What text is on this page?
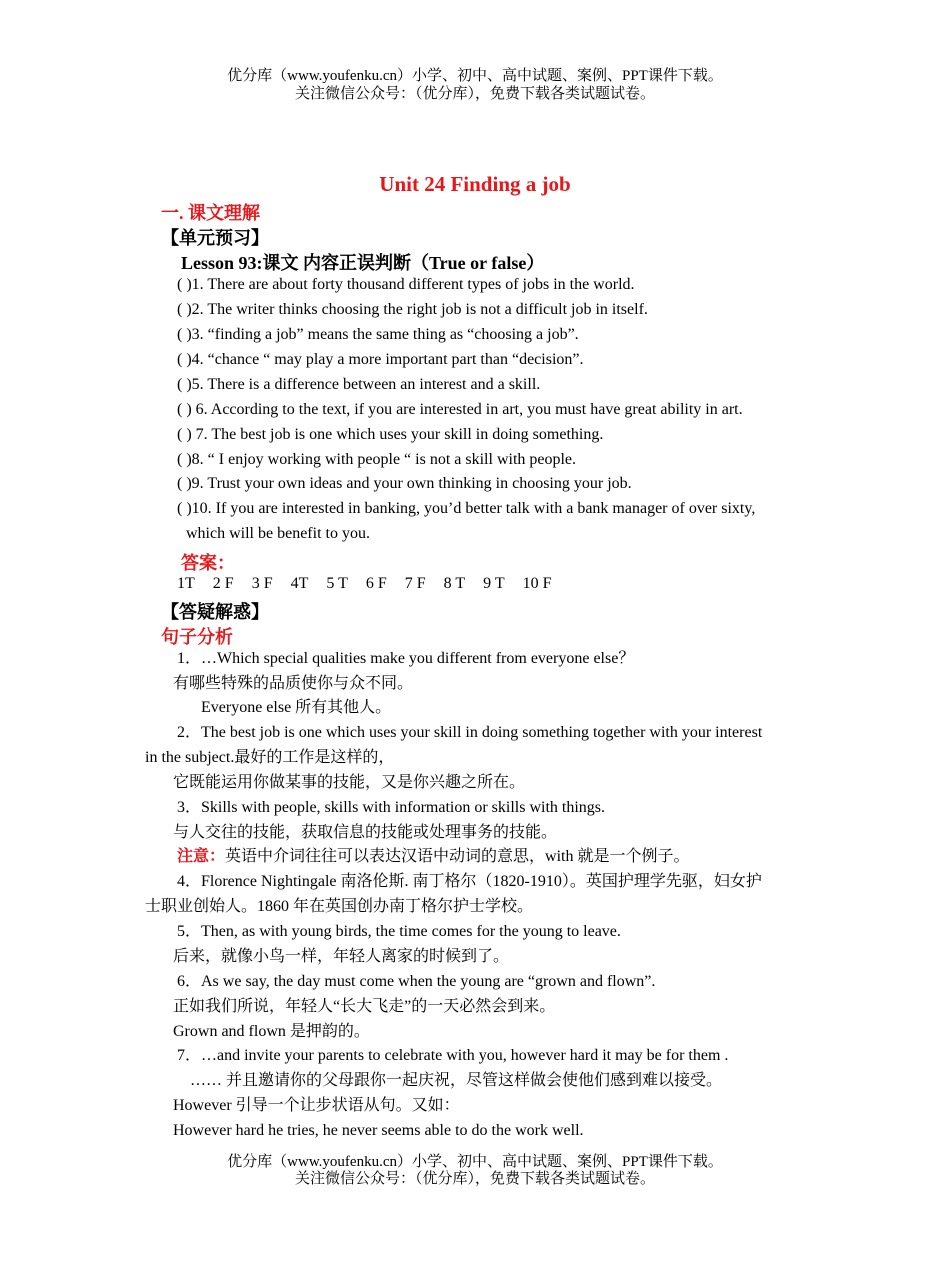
优分库（www.youfenku.cn）小学、初中、高中试题、案例、PPT课件下载。
关注微信公众号：（优分库），免费下载各类试题试卷。
Unit 24 Finding a job
一. 课文理解
【单元预习】
Lesson 93:课文 内容正误判断（True or false）
( )1. There are about forty thousand different types of jobs in the world.
( )2. The writer thinks choosing the right job is not a difficult job in itself.
( )3. “finding a job” means the same thing as “choosing a job”.
( )4. “chance “ may play a more important part than “decision”.
( )5. There is a difference between an interest and a skill.
( ) 6. According to the text, if you are interested in art, you must have great ability in art.
( ) 7. The best job is one which uses your skill in doing something.
( )8. “ I enjoy working with people “ is not a skill with people.
( )9. Trust your own ideas and your own thinking in choosing your job.
( )10. If you are interested in banking, you’d better talk with a bank manager of over sixty,
which will be benefit to you.
答案：
1T 2 F 3 F 4T 5 T 6 F 7 F 8 T 9 T 10 F
【答疑解惑】
句子分析
1．…Which special qualities make you different from everyone else？
有哪些特殊的品质使你与众不同。
Everyone else 所有其他人。
2．The best job is one which uses your skill in doing something together with your interest
in the subject.最好的工作是这样的，
它既能运用你做某事的技能，又是你兴趣之所在。
3．Skills with people, skills with information or skills with things.
与人交往的技能，获取信息的技能或处理事务的技能。
注意：英语中介词往往可以表达汉语中动词的意思，with 就是一个例子。
4．Florence Nightingale 南洛伦斯. 南丁格尔（1820-1910）。英国护理学先驱，妇女护
士职业创始人。1860 年在英国创办南丁格尔护士学校。
5．Then, as with young birds, the time comes for the young to leave.
后来，就像小鸟一样，年轻人离家的时候到了。
6．As we say, the day must come when the young are “grown and flown”.
正如我们所说，年轻人“长大飞走”的一天必然会到来。
Grown and flown 是押韵的。
7．…and invite your parents to celebrate with you, however hard it may be for them .
…… 并且邀请你的父母跟你一起庆祝，尽管这样做会使他们感到难以接受。
However 引导一个让步状语从句。又如：
However hard he tries, he never seems able to do the work well.
优分库（www.youfenku.cn）小学、初中、高中试题、案例、PPT课件下载。
关注微信公众号：（优分库），免费下载各类试题试卷。
